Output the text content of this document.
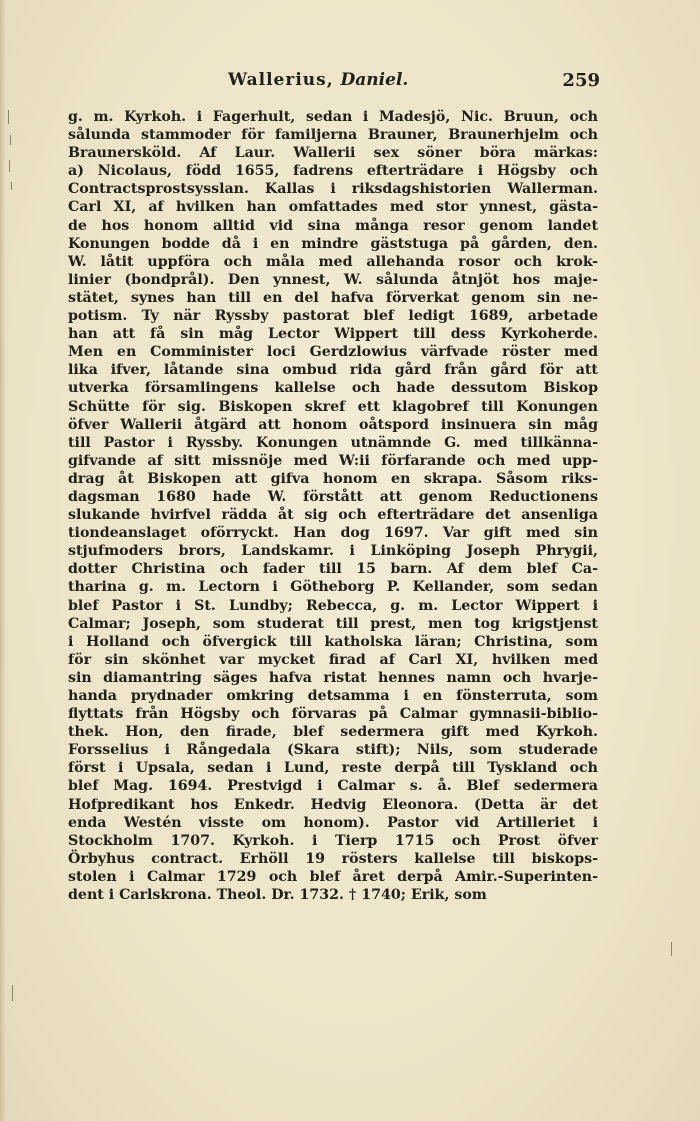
Wallerius, Daniel.	259
g. m. Kyrkoh. i Fagerhult, sedan i Madesjö, Nic. Bruun, och
sålunda stammoder för familjerna Brauner, Braunerhjelm och
Braunersköld. Af Laur. Wallerii sex söner böra märkas:
a) Nicolaus, född 1655, fadrens efterträdare i Högsby och
Contractsprostsysslan. Kallas i riksdagshistorien Wallerman.
Carl XI, af hvilken han omfattades med stor ynnest, gästa-
de hos honom alltid vid sina många resor genom landet
Konungen bodde då i en mindre gäststuga på gården, den.
W. låtit uppföra och måla med allehanda rosor och krok-
linier (bondprål). Den ynnest, W. sålunda åtnjöt hos maje-
stätet, synes han till en del hafva förverkat genom sin ne-
potism. Ty när Ryssby pastorat blef ledigt 1689, arbetade
han att få sin måg Lector Wippert till dess Kyrkoherde.
Men en Comminister loci Gerdzlowius värfvade röster med
lika ifver, låtande sina ombud rida gård från gård för att
utverka församlingens kallelse och hade dessutom Biskop
Schütte för sig. Biskopen skref ett klagobref till Konungen
öfver Wallerii åtgärd att honom oåtspord insinuera sin måg
till Pastor i Ryssby. Konungen utnämnde G. med tillkänna-
gifvande af sitt missnöje med W:ii förfarande och med upp-
drag åt Biskopen att gifva honom en skrapa. Såsom riks-
dagsman 1680 hade W. förstått att genom Reductionens
slukande hvirfvel rädda åt sig och efterträdare det ansenliga
tiondeanslaget oförryckt. Han dog 1697. Var gift med sin
stjufmoders brors, Landskamr. i Linköping Joseph Phrygii,
dotter Christina och fader till 15 barn. Af dem blef Ca-
tharina g. m. Lectorn i Götheborg P. Kellander, som sedan
blef Pastor i St. Lundby; Rebecca, g. m. Lector Wippert i
Calmar; Joseph, som studerat till prest, men tog krigstjenst
i Holland och öfvergick till katholska läran; Christina, som
för sin skönhet var mycket firad af Carl XI, hvilken med
sin diamantring säges hafva ristat hennes namn och hvarje-
handa prydnader omkring detsamma i en fönsterruta, som
flyttats från Högsby och förvaras på Calmar gymnasii-biblio-
thek. Hon, den firade, blef sedermera gift med Kyrkoh.
Forsselius i Rångedala (Skara stift); Nils, som studerade
först i Upsala, sedan i Lund, reste derpå till Tyskland och
blef Mag. 1694. Prestvigd i Calmar s. å. Blef sedermera
Hofpredikant hos Enkedr. Hedvig Eleonora. (Detta är det
enda Westén visste om honom). Pastor vid Artilleriet i
Stockholm 1707. Kyrkoh. i Tierp 1715 och Prost öfver
Örbyhus contract. Erhöll 19 rösters kallelse till biskops-
stolen i Calmar 1729 och blef året derpå Amir.-Superinten-
dent i Carlskrona. Theol. Dr. 1732. † 1740; Erik, som
